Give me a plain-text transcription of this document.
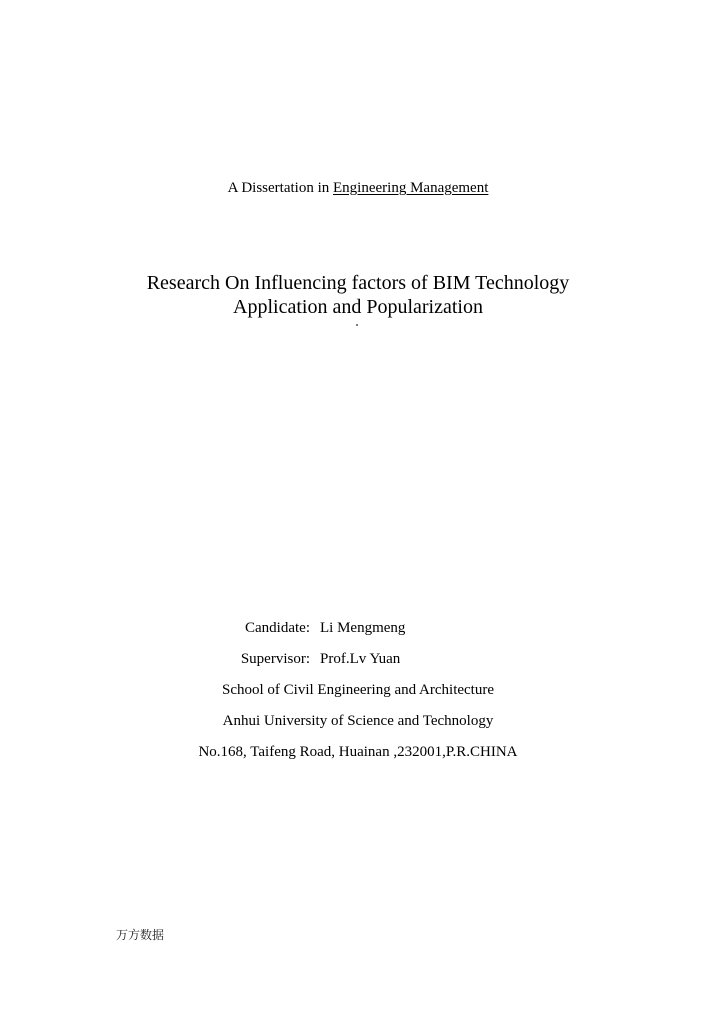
A Dissertation in Engineering Management
Research On Influencing factors of BIM Technology
Application and Popularization
Candidate: Li Mengmeng
Supervisor: Prof.Lv Yuan
School of Civil Engineering and Architecture
Anhui University of Science and Technology
No.168, Taifeng Road, Huainan ,232001,P.R.CHINA
万方数据
